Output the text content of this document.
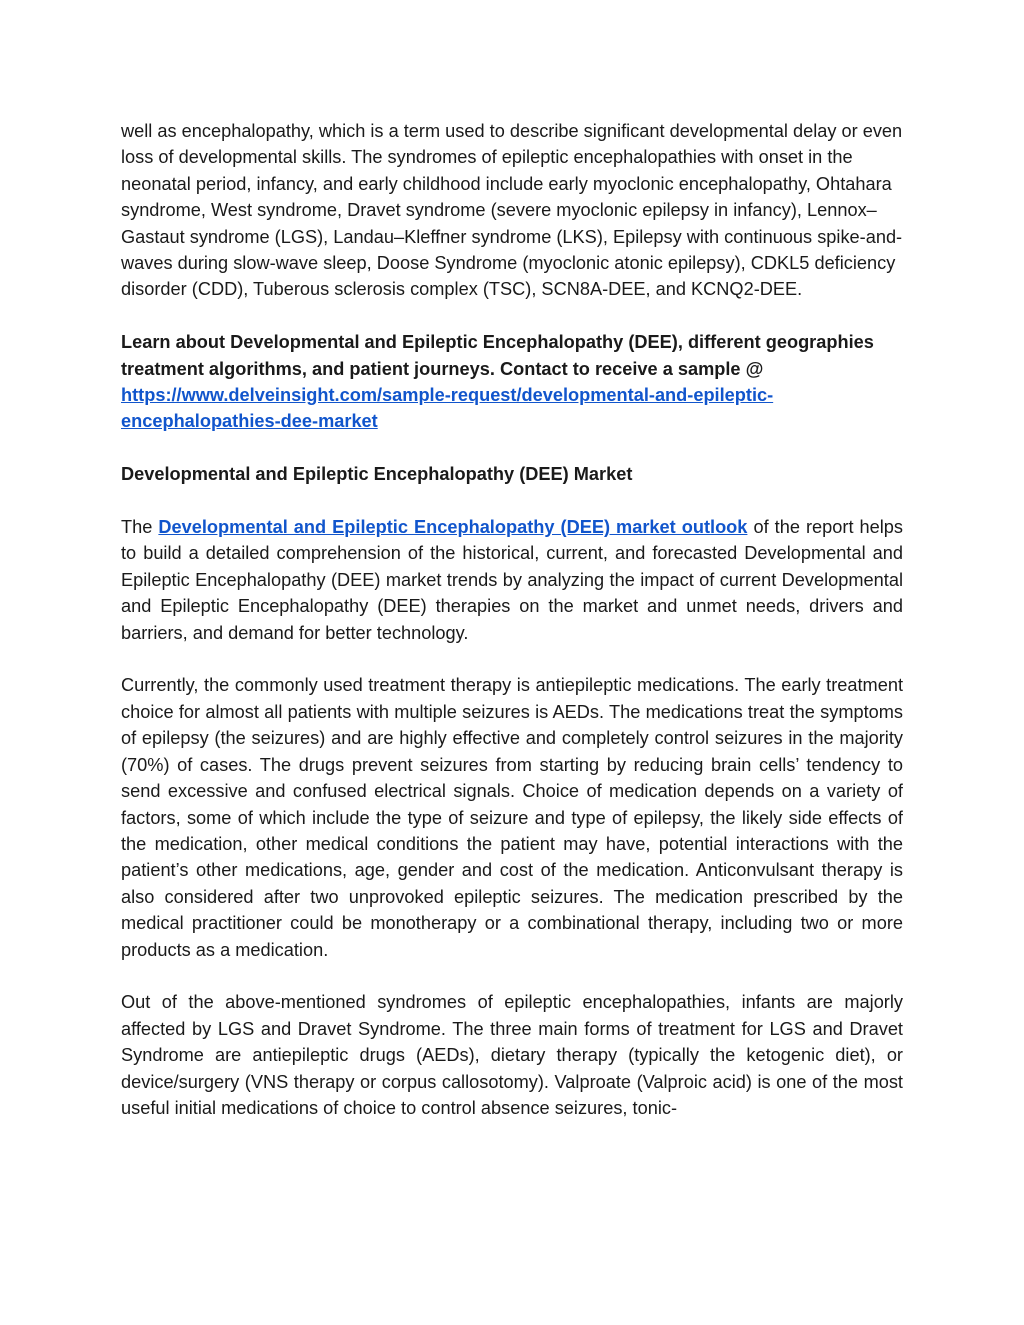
well as encephalopathy, which is a term used to describe significant developmental delay or even loss of developmental skills. The syndromes of epileptic encephalopathies with onset in the neonatal period, infancy, and early childhood include early myoclonic encephalopathy, Ohtahara syndrome, West syndrome, Dravet syndrome (severe myoclonic epilepsy in infancy), Lennox–Gastaut syndrome (LGS), Landau–Kleffner syndrome (LKS), Epilepsy with continuous spike-and-waves during slow-wave sleep, Doose Syndrome (myoclonic atonic epilepsy), CDKL5 deficiency disorder (CDD), Tuberous sclerosis complex (TSC), SCN8A-DEE, and KCNQ2-DEE.

Learn about Developmental and Epileptic Encephalopathy (DEE), different geographies treatment algorithms, and patient journeys. Contact to receive a sample @ https://www.delveinsight.com/sample-request/developmental-and-epileptic-encephalopathies-dee-market

Developmental and Epileptic Encephalopathy (DEE) Market

The Developmental and Epileptic Encephalopathy (DEE) market outlook of the report helps to build a detailed comprehension of the historical, current, and forecasted Developmental and Epileptic Encephalopathy (DEE) market trends by analyzing the impact of current Developmental and Epileptic Encephalopathy (DEE) therapies on the market and unmet needs, drivers and barriers, and demand for better technology.

Currently, the commonly used treatment therapy is antiepileptic medications. The early treatment choice for almost all patients with multiple seizures is AEDs. The medications treat the symptoms of epilepsy (the seizures) and are highly effective and completely control seizures in the majority (70%) of cases. The drugs prevent seizures from starting by reducing brain cells’ tendency to send excessive and confused electrical signals. Choice of medication depends on a variety of factors, some of which include the type of seizure and type of epilepsy, the likely side effects of the medication, other medical conditions the patient may have, potential interactions with the patient’s other medications, age, gender and cost of the medication. Anticonvulsant therapy is also considered after two unprovoked epileptic seizures. The medication prescribed by the medical practitioner could be monotherapy or a combinational therapy, including two or more products as a medication.

Out of the above-mentioned syndromes of epileptic encephalopathies, infants are majorly affected by LGS and Dravet Syndrome. The three main forms of treatment for LGS and Dravet Syndrome are antiepileptic drugs (AEDs), dietary therapy (typically the ketogenic diet), or device/surgery (VNS therapy or corpus callosotomy). Valproate (Valproic acid) is one of the most useful initial medications of choice to control absence seizures, tonic-
